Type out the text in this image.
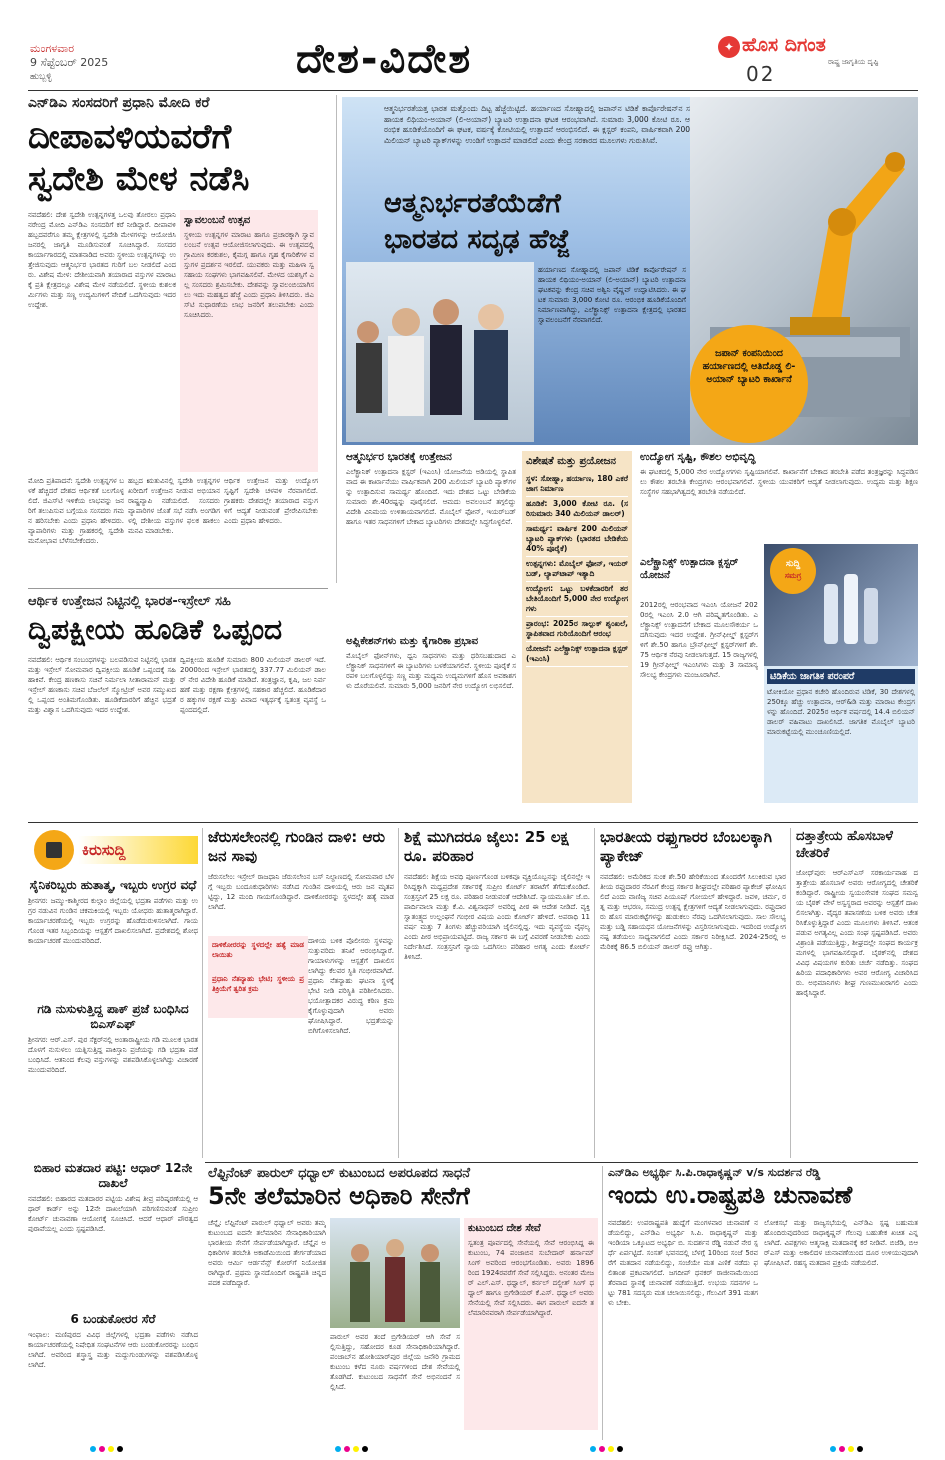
ಮಂಗಳವಾರ
9 ಸೆಪ್ಟೆಂಬರ್ 2025
ಹುಬ್ಬಳ್ಳಿ	ದೇಶ-ವಿದೇಶ	✦ ಹೊಸ ದಿಗಂತ
02	ರಾಷ್ಟ್ರ ಜಾಗೃತಿಯ ದೃಷ್ಟಿ
ಎನ್‌ಡಿಎ ಸಂಸದರಿಗೆ ಪ್ರಧಾನಿ ಮೋದಿ ಕರೆ
ದೀಪಾವಳಿಯವರೆಗೆ
ಸ್ವದೇಶಿ ಮೇಳ ನಡೆಸಿ
ನವದೆಹಲಿ: ದೇಶ ಸ್ವದೇಶಿ ಉತ್ಪನ್ನಗಳತ್ತ ಒಲವು ತೋರಲು ಪ್ರಧಾನಿ ನರೇಂದ್ರ ಮೋದಿ ಎನ್‌ಡಿಎ ಸಂಸದರಿಗೆ ಕರೆ ನೀಡಿದ್ದಾರೆ. ದೀಪಾವಳಿ ಹಬ್ಬದವರೆಗೂ ತಮ್ಮ ಕ್ಷೇತ್ರಗಳಲ್ಲಿ ಸ್ವದೇಶಿ ಮೇಳಗಳನ್ನು ಆಯೋಜಿಸಿ ಜನರಲ್ಲಿ ಜಾಗೃತಿ ಮೂಡಿಸುವಂತೆ ಸೂಚಿಸಿದ್ದಾರೆ. ಸಂಸದರ ಕಾರ್ಯಾಗಾರದಲ್ಲಿ ಮಾತನಾಡಿದ ಅವರು ಸ್ಥಳೀಯ ಉತ್ಪನ್ನಗಳನ್ನು ಉತ್ತೇಜಿಸುವುದು ಆತ್ಮನಿರ್ಭರ ಭಾರತದ ಗುರಿಗೆ ಬಲ ನೀಡಲಿದೆ ಎಂದರು. ವಿಶೇಷ ಮೇಳ: ದೇಶೀಯವಾಗಿ ತಯಾರಾದ ವಸ್ತುಗಳ ಮಾರಾಟಕ್ಕೆ ಪ್ರತಿ ಕ್ಷೇತ್ರದಲ್ಲೂ ವಿಶೇಷ ಮೇಳ ನಡೆಯಲಿದೆ. ಸ್ಥಳೀಯ ಕುಶಲಕರ್ಮಿಗಳು ಮತ್ತು ಸಣ್ಣ ಉದ್ಯಮಿಗಳಿಗೆ ವೇದಿಕೆ ಒದಗಿಸುವುದು ಇದರ ಉದ್ದೇಶ.
ಸ್ವಾವಲಂಬನೆ ಉತ್ಸವ
ಸ್ಥಳೀಯ ಉತ್ಪನ್ನಗಳ ಮಾರಾಟ ಹಾಗೂ ಪ್ರಚಾರಕ್ಕಾಗಿ ಸ್ವಾವಲಂಬನೆ ಉತ್ಸವ ಆಯೋಜಿಸಲಾಗುವುದು. ಈ ಉತ್ಸವದಲ್ಲಿ ಗ್ರಾಮೀಣ ಕರಕುಶಲ, ಕೈಮಗ್ಗ ಹಾಗೂ ಗೃಹ ಕೈಗಾರಿಕೆಗಳ ವಸ್ತುಗಳ ಪ್ರದರ್ಶನ ಇರಲಿದೆ. ಯುವಕರು ಮತ್ತು ಮಹಿಳಾ ಸ್ವಸಹಾಯ ಸಂಘಗಳು ಭಾಗವಹಿಸಲಿವೆ. ಮೇಳದ ಯಶಸ್ಸಿಗೆ ಎಲ್ಲ ಸಂಸದರು ಶ್ರಮಿಸಬೇಕು. ದೇಶವನ್ನು ಸ್ವಾವಲಂಬಿಯಾಗಿಸಲು ಇದು ಮಹತ್ವದ ಹೆಜ್ಜೆ ಎಂದು ಪ್ರಧಾನಿ ತಿಳಿಸಿದರು. ಜಿಎಸ್‌ಟಿ ಸುಧಾರಣೆಯ ಲಾಭ ಜನರಿಗೆ ತಲುಪಬೇಕು ಎಂದು ಸೂಚಿಸಿದರು.
ಮೋದಿ ಪ್ರತಿಪಾದನೆ: ಸ್ವದೇಶಿ ಉತ್ಪನ್ನಗಳ ಬಳಕೆ ಹೆಚ್ಚಿದರೆ ದೇಶದ ಆರ್ಥಿಕತೆ ಬಲಗೊಳ್ಳಲಿದೆ. ಜಿಎಸ್‌ಟಿ ಇಳಿಕೆಯ ಲಾಭವನ್ನು ಜನರಿಗೆ ತಲುಪಿಸುವ ಬಗ್ಗೆಯೂ ಸಂಸದರು ಗಮನ ಹರಿಸಬೇಕು ಎಂದು ಪ್ರಧಾನಿ ಹೇಳಿದರು. ವ್ಯಾಪಾರಿಗಳು ಮತ್ತು ಗ್ರಾಹಕರಲ್ಲಿ ಸ್ವದೇಶಿ ಮನೋಭಾವ ಬೆಳೆಸಬೇಕೆಂದರು.
ಹಬ್ಬದ ಋತುವಿನಲ್ಲಿ ಸ್ವದೇಶಿ ಉತ್ಪನ್ನಗಳ ಖರೀದಿಗೆ ಉತ್ತೇಜನ ನೀಡುವ ಅಭಿಯಾನ ರಾಷ್ಟ್ರವ್ಯಾಪಿ ನಡೆಯಲಿದೆ. ಸಂಸದರು ವ್ಯಾಪಾರಿಗಳ ಜೊತೆ ಸಭೆ ನಡೆಸಿ ಅಂಗಡಿಗಳಲ್ಲಿ ದೇಶೀಯ ವಸ್ತುಗಳ ಫಲಕ ಹಾಕಲು ಮನವಿ ಮಾಡಬೇಕು.
ಆರ್ಥಿಕ ಉತ್ತೇಜನ ಮತ್ತು ಉದ್ಯೋಗ ಸೃಷ್ಟಿಗೆ ಸ್ವದೇಶಿ ಚಳವಳಿ ನೆರವಾಗಲಿದೆ. ಗ್ರಾಹಕರು ದೇಶದಲ್ಲೇ ತಯಾರಾದ ವಸ್ತುಗಳಿಗೆ ಆದ್ಯತೆ ನೀಡುವಂತೆ ಪ್ರೇರೇಪಿಸಬೇಕು ಎಂದು ಪ್ರಧಾನಿ ಹೇಳಿದರು.
ಆರ್ಥಿಕ ಉತ್ತೇಜನ ನಿಟ್ಟಿನಲ್ಲಿ ಭಾರತ-ಇಸ್ರೇಲ್ ಸಹಿ
ದ್ವಿಪಕ್ಷೀಯ ಹೂಡಿಕೆ ಒಪ್ಪಂದ
ನವದೆಹಲಿ: ಆರ್ಥಿಕ ಸಂಬಂಧಗಳನ್ನು ಬಲಪಡಿಸುವ ನಿಟ್ಟಿನಲ್ಲಿ ಭಾರತ ಮತ್ತು ಇಸ್ರೇಲ್ ಸೋಮವಾರ ದ್ವಿಪಕ್ಷೀಯ ಹೂಡಿಕೆ ಒಪ್ಪಂದಕ್ಕೆ ಸಹಿ ಹಾಕಿವೆ. ಕೇಂದ್ರ ಹಣಕಾಸು ಸಚಿವೆ ನಿರ್ಮಲಾ ಸೀತಾರಾಮನ್ ಮತ್ತು ಇಸ್ರೇಲ್ ಹಣಕಾಸು ಸಚಿವ ಬೆಜಲೆಲ್ ಸ್ಮೋಟ್ರಿಚ್ ಅವರ ಸಮ್ಮುಖದಲ್ಲಿ ಒಪ್ಪಂದ ಅಂತಿಮಗೊಂಡಿತು. ಹೂಡಿಕೆದಾರರಿಗೆ ಹೆಚ್ಚಿನ ಭದ್ರತೆ ಮತ್ತು ವಿಶ್ವಾಸ ಒದಗಿಸುವುದು ಇದರ ಉದ್ದೇಶ.
ದ್ವಿಪಕ್ಷೀಯ ಹೂಡಿಕೆ ಸುಮಾರು 800 ಮಿಲಿಯನ್ ಡಾಲರ್ ಇದೆ. 2000ರಿಂದ ಇಸ್ರೇಲ್ ಭಾರತದಲ್ಲಿ 337.77 ಮಿಲಿಯನ್ ಡಾಲರ್ ನೇರ ವಿದೇಶಿ ಹೂಡಿಕೆ ಮಾಡಿದೆ. ತಂತ್ರಜ್ಞಾನ, ಕೃಷಿ, ಜಲ ನಿರ್ವಹಣೆ ಮತ್ತು ರಕ್ಷಣಾ ಕ್ಷೇತ್ರಗಳಲ್ಲಿ ಸಹಕಾರ ಹೆಚ್ಚಲಿದೆ. ಹೂಡಿಕೆದಾರರ ಹಕ್ಕುಗಳ ರಕ್ಷಣೆ ಮತ್ತು ವಿವಾದ ಇತ್ಯರ್ಥಕ್ಕೆ ಸ್ವತಂತ್ರ ವ್ಯವಸ್ಥೆ ಒಪ್ಪಂದದಲ್ಲಿದೆ.
ಆತ್ಮನಿರ್ಭರತೆಯತ್ತ ಭಾರತ ಮತ್ತೊಂದು ದಿಟ್ಟ ಹೆಜ್ಜೆಯಿಟ್ಟಿದೆ. ಹರ್ಯಾಣದ ಸೋಹ್ನಾದಲ್ಲಿ ಜಪಾನ್‌ನ ಟಿಡಿಕೆ ಕಾರ್ಪೊರೇಷನ್‌ನ ಸಹಾಯಕ ಲಿಥಿಯಂ-ಅಯಾನ್ (ಲಿ-ಅಯಾನ್) ಬ್ಯಾಟರಿ ಉತ್ಪಾದನಾ ಘಟಕ ಆರಂಭವಾಗಿದೆ. ಸುಮಾರು 3,000 ಕೋಟಿ ರೂ. ಆರಂಭಿಕ ಹೂಡಿಕೆಯೊಂದಿಗೆ ಈ ಘಟಕ, ವರ್ಷಕ್ಕೆ ಕೋಟಿಯಲ್ಲಿ ಉತ್ಪಾದನೆ ಆರಂಭಿಸಲಿದೆ. ಈ ಕ್ಲಸ್ಟರ್ ಕಂಪನಿ, ವಾರ್ಷಿಕವಾಗಿ 200 ಮಿಲಿಯನ್ ಬ್ಯಾಟರಿ ಪ್ಯಾಕ್‌ಗಳನ್ನು ಉಂಡಿಗೆ ಉತ್ಪಾದನೆ ಮಾಡಲಿದೆ ಎಂದು ಕೇಂದ್ರ ಸರಕಾರದ ಮೂಲಗಳು ಗುರುತಿಸಿವೆ.
ಆತ್ಮನಿರ್ಭರತೆಯೆಡೆಗೆ
ಭಾರತದ ಸದೃಢ ಹೆಜ್ಜೆ
ಹರ್ಯಾಣದ ಸೋಹ್ನಾದಲ್ಲಿ ಜಪಾನ್ ಟಿಡಿಕೆ ಕಾರ್ಪೊರೇಷನ್ ಸಹಾಯಕ ಲಿಥಿಯಂ-ಅಯಾನ್ (ಲಿ-ಅಯಾನ್) ಬ್ಯಾಟರಿ ಉತ್ಪಾದನಾ ಘಟಕವನ್ನು ಕೇಂದ್ರ ಸಚಿವ ಅಶ್ವಿನಿ ವೈಷ್ಣವ್ ಉದ್ಘಾಟಿಸಿದರು. ಈ ಘಟಕ ಸುಮಾರು 3,000 ಕೋಟಿ ರೂ. ಆರಂಭಿಕ ಹೂಡಿಕೆಯೊಂದಿಗೆ ನಿರ್ಮಾಣವಾಗಿದ್ದು, ಎಲೆಕ್ಟ್ರಾನಿಕ್ಸ್ ಉತ್ಪಾದನಾ ಕ್ಷೇತ್ರದಲ್ಲಿ ಭಾರತದ ಸ್ವಾವಲಂಬನೆಗೆ ನೆರವಾಗಲಿದೆ.
ಜಪಾನ್ ಕಂಪನಿಯಿಂದ ಹರ್ಯಾಣದಲ್ಲಿ ಆತಿದೊಡ್ಡ ಲಿ-ಅಯಾನ್ ಬ್ಯಾಟರಿ ಕಾರ್ಖಾನೆ
ಆತ್ಮನಿರ್ಭರ ಭಾರತಕ್ಕೆ ಉತ್ತೇಜನ
ಎಲೆಕ್ಟ್ರಾನಿಕ್ ಉತ್ಪಾದನಾ ಕ್ಲಸ್ಟರ್ (ಇಎಂಸಿ) ಯೋಜನೆಯ ಅಡಿಯಲ್ಲಿ ಸ್ಥಾಪಿತವಾದ ಈ ಕಾರ್ಖಾನೆಯು ವಾರ್ಷಿಕವಾಗಿ 200 ಮಿಲಿಯನ್ ಬ್ಯಾಟರಿ ಪ್ಯಾಕ್‌ಗಳನ್ನು ಉತ್ಪಾದಿಸುವ ಸಾಮರ್ಥ್ಯ ಹೊಂದಿದೆ. ಇದು ದೇಶದ ಒಟ್ಟು ಬೇಡಿಕೆಯ ಸುಮಾರು ಶೇ.40ರಷ್ಟನ್ನು ಪೂರೈಸಲಿದೆ. ಆಮದು ಅವಲಂಬನೆ ತಗ್ಗಲಿದ್ದು ವಿದೇಶಿ ವಿನಿಮಯ ಉಳಿತಾಯವಾಗಲಿದೆ. ಮೊಬೈಲ್ ಫೋನ್, ಇಯರ್‌ಬಡ್ ಹಾಗೂ ಇತರ ಸಾಧನಗಳಿಗೆ ಬೇಕಾದ ಬ್ಯಾಟರಿಗಳು ದೇಶದಲ್ಲೇ ಸಿದ್ಧಗೊಳ್ಳಲಿವೆ.
ಅಪ್ಲಿಕೇಶನ್‌ಗಳು ಮತ್ತು ಕೈಗಾರಿಕಾ ಪ್ರಭಾವ
ಮೊಬೈಲ್ ಫೋನ್‌ಗಳು, ಧ್ವನಿ ಸಾಧನಗಳು ಮತ್ತು ಧರಿಸಬಹುದಾದ ಎಲೆಕ್ಟ್ರಾನಿಕ್ ಸಾಧನಗಳಿಗೆ ಈ ಬ್ಯಾಟರಿಗಳು ಬಳಕೆಯಾಗಲಿವೆ. ಸ್ಥಳೀಯ ಪೂರೈಕೆ ಸರಪಳಿ ಬಲಗೊಳ್ಳಲಿದ್ದು ಸಣ್ಣ ಮತ್ತು ಮಧ್ಯಮ ಉದ್ಯಮಗಳಿಗೆ ಹೊಸ ಅವಕಾಶಗಳು ದೊರೆಯಲಿವೆ. ಸುಮಾರು 5,000 ಜನರಿಗೆ ನೇರ ಉದ್ಯೋಗ ಲಭಿಸಲಿದೆ.
ವಿಶೇಷತೆ ಮತ್ತು ಪ್ರಯೋಜನ
ಸ್ಥಳ: ಸೋಹ್ನಾ, ಹರ್ಯಾಣ, 180 ಎಕರೆ ಜಾಗ ನಿರ್ಮಾಣ
ಹೂಡಿಕೆ: 3,000 ಕೋಟಿ ರೂ. (ಸರಿಸುಮಾರು 340 ಮಿಲಿಯನ್ ಡಾಲರ್)
ಸಾಮರ್ಥ್ಯ: ವಾರ್ಷಿಕ 200 ಮಿಲಿಯನ್ ಬ್ಯಾಟರಿ ಪ್ಯಾಕ್‌ಗಳು (ಭಾರತದ ಬೇಡಿಕೆಯ 40% ಪೂರೈಕೆ)
ಉತ್ಪನ್ನಗಳು: ಮೊಬೈಲ್ ಫೋನ್, ಇಯರ್ ಬಡ್, ಲ್ಯಾಪ್‌ಟಾಪ್ ಇತ್ಯಾದಿ
ಉದ್ಯೋಗ: ಒಟ್ಟು ಬಳಕೆದಾರರಿಗೆ ತರಬೇತಿಯೊಂದಿಗೆ 5,000 ನೇರ ಉದ್ಯೋಗಗಳು
ಪ್ರಾರಂಭ: 2025ರ ಸಾಲ್ಪುಕ್ ಶೃಂಖಲೆ, ಸ್ಥಾಪಿತವಾದ ಗುರಿಯೊಂದಿಗೆ ಆರಂಭ
ಯೋಜನೆ: ಎಲೆಕ್ಟ್ರಾನಿಕ್ಸ್ ಉತ್ಪಾದನಾ ಕ್ಲಸ್ಟರ್ (ಇಎಂಸಿ)
ಉದ್ಯೋಗ ಸೃಷ್ಟಿ, ಕೌಶಲ ಅಭಿವೃದ್ಧಿ
ಈ ಘಟಕದಲ್ಲಿ 5,000 ನೇರ ಉದ್ಯೋಗಗಳು ಸೃಷ್ಟಿಯಾಗಲಿವೆ. ಕಾರ್ಖಾನೆಗೆ ಬೇಕಾದ ತರಬೇತಿ ಪಡೆದ ತಂತ್ರಜ್ಞರನ್ನು ಸಿದ್ಧಪಡಿಸಲು ಕೌಶಲ ತರಬೇತಿ ಕೇಂದ್ರಗಳು ಆರಂಭವಾಗಲಿವೆ. ಸ್ಥಳೀಯ ಯುವಕರಿಗೆ ಆದ್ಯತೆ ನೀಡಲಾಗುವುದು. ಉದ್ಯಮ ಮತ್ತು ಶಿಕ್ಷಣ ಸಂಸ್ಥೆಗಳ ಸಹಭಾಗಿತ್ವದಲ್ಲಿ ತರಬೇತಿ ನಡೆಯಲಿದೆ.
ಎಲೆಕ್ಟ್ರಾನಿಕ್ಸ್ ಉತ್ಪಾದನಾ ಕ್ಲಸ್ಟರ್ ಯೋಜನೆ
2012ರಲ್ಲಿ ಆರಂಭವಾದ ಇಎಂಸಿ ಯೋಜನೆ 2020ರಲ್ಲಿ ಇಎಂಸಿ 2.0 ಆಗಿ ಪರಿಷ್ಕೃತಗೊಂಡಿತು. ಎಲೆಕ್ಟ್ರಾನಿಕ್ಸ್ ಉತ್ಪಾದನೆಗೆ ಬೇಕಾದ ಮೂಲಸೌಕರ್ಯ ಒದಗಿಸುವುದು ಇದರ ಉದ್ದೇಶ. ಗ್ರೀನ್‌ಫೀಲ್ಡ್ ಕ್ಲಸ್ಟರ್‌ಗಳಿಗೆ ಶೇ.50 ಹಾಗೂ ಬ್ರೌನ್‌ಫೀಲ್ಡ್ ಕ್ಲಸ್ಟರ್‌ಗಳಿಗೆ ಶೇ.75 ಆರ್ಥಿಕ ನೆರವು ನೀಡಲಾಗುತ್ತದೆ. 15 ರಾಜ್ಯಗಳಲ್ಲಿ 19 ಗ್ರೀನ್‌ಫೀಲ್ಡ್ ಇಎಂಸಿಗಳು ಮತ್ತು 3 ಸಾಮಾನ್ಯ ಸೌಲಭ್ಯ ಕೇಂದ್ರಗಳು ಮಂಜೂರಾಗಿವೆ.
ಸುದ್ದಿ
ಸಮಗ್ರ
ಟಿಡಿಕೆಯ ಜಾಗತಿಕ ಪರಂಪರೆ
ಟೋಕಿಯೋ ಪ್ರಧಾನ ಕಚೇರಿ ಹೊಂದಿರುವ ಟಿಡಿಕೆ, 30 ದೇಶಗಳಲ್ಲಿ 250ಕ್ಕೂ ಹೆಚ್ಚು ಉತ್ಪಾದನಾ, ಆರ್&ಡಿ ಮತ್ತು ಮಾರಾಟ ಕೇಂದ್ರಗಳನ್ನು ಹೊಂದಿದೆ. 2025ರ ಆರ್ಥಿಕ ವರ್ಷದಲ್ಲಿ 14.4 ಬಿಲಿಯನ್ ಡಾಲರ್ ವಹಿವಾಟು ದಾಖಲಿಸಿದೆ. ಜಾಗತಿಕ ಮೊಬೈಲ್ ಬ್ಯಾಟರಿ ಮಾರುಕಟ್ಟೆಯಲ್ಲಿ ಮುಂಚೂಣಿಯಲ್ಲಿದೆ.
ಕಿರುಸುದ್ದಿ
ಸೈನಿಕರಿಬ್ಬರು ಹುತಾತ್ಮ, ಇಬ್ಬರು ಉಗ್ರರ ವಧೆ
ಶ್ರೀನಗರ: ಜಮ್ಮು-ಕಾಶ್ಮೀರದ ಕುಲ್ಗಾಂ ಜಿಲ್ಲೆಯಲ್ಲಿ ಭದ್ರತಾ ಪಡೆಗಳು ಮತ್ತು ಉಗ್ರರ ನಡುವಿನ ಗುಂಡಿನ ಚಕಮಕಿಯಲ್ಲಿ ಇಬ್ಬರು ಯೋಧರು ಹುತಾತ್ಮರಾಗಿದ್ದಾರೆ. ಕಾರ್ಯಾಚರಣೆಯಲ್ಲಿ ಇಬ್ಬರು ಉಗ್ರರನ್ನು ಹೊಡೆದುರುಳಿಸಲಾಗಿದೆ. ಗಾಯಗೊಂಡ ಇತರ ಸಿಬ್ಬಂದಿಯನ್ನು ಆಸ್ಪತ್ರೆಗೆ ದಾಖಲಿಸಲಾಗಿದೆ. ಪ್ರದೇಶದಲ್ಲಿ ಶೋಧ ಕಾರ್ಯಾಚರಣೆ ಮುಂದುವರಿದಿದೆ.
ಗಡಿ ನುಸುಳುತ್ತಿದ್ದ ಪಾಕ್ ಪ್ರಜೆ ಬಂಧಿಸಿದ ಬಿಎಸ್‌ಎಫ್
ಶ್ರೀನಗರ: ಆರ್.ಎಸ್. ಪುರ ಸೆಕ್ಟರ್‌ನಲ್ಲಿ ಅಂತಾರಾಷ್ಟ್ರೀಯ ಗಡಿ ಮೂಲಕ ಭಾರತದೊಳಗೆ ನುಸುಳಲು ಯತ್ನಿಸುತ್ತಿದ್ದ ಪಾಕಿಸ್ತಾನಿ ಪ್ರಜೆಯನ್ನು ಗಡಿ ಭದ್ರತಾ ಪಡೆ ಬಂಧಿಸಿದೆ. ಆತನಿಂದ ಕೆಲವು ವಸ್ತುಗಳನ್ನು ವಶಪಡಿಸಿಕೊಳ್ಳಲಾಗಿದ್ದು ವಿಚಾರಣೆ ಮುಂದುವರಿದಿದೆ.
ಬಿಹಾರ ಮತದಾರ ಪಟ್ಟಿ: ಆಧಾರ್ 12ನೇ ದಾಖಲೆ
ನವದೆಹಲಿ: ಬಿಹಾರದ ಮತದಾರರ ಪಟ್ಟಿಯ ವಿಶೇಷ ತೀವ್ರ ಪರಿಷ್ಕರಣೆಯಲ್ಲಿ ಆಧಾರ್ ಕಾರ್ಡ್ ಅನ್ನು 12ನೇ ದಾಖಲೆಯಾಗಿ ಪರಿಗಣಿಸುವಂತೆ ಸುಪ್ರೀಂ ಕೋರ್ಟ್ ಚುನಾವಣಾ ಆಯೋಗಕ್ಕೆ ಸೂಚಿಸಿದೆ. ಆದರೆ ಆಧಾರ್ ಪೌರತ್ವದ ಪುರಾವೆಯಲ್ಲ ಎಂದು ಸ್ಪಷ್ಟಪಡಿಸಿದೆ.
6 ಬಂಡುಕೋರರ ಸೆರೆ
ಇಂಫಾಲ: ಮಣಿಪುರದ ವಿವಿಧ ಜಿಲ್ಲೆಗಳಲ್ಲಿ ಭದ್ರತಾ ಪಡೆಗಳು ನಡೆಸಿದ ಕಾರ್ಯಾಚರಣೆಯಲ್ಲಿ ನಿಷೇಧಿತ ಸಂಘಟನೆಗಳ ಆರು ಬಂಡುಕೋರರನ್ನು ಬಂಧಿಸಲಾಗಿದೆ. ಅವರಿಂದ ಶಸ್ತ್ರಾಸ್ತ್ರ ಮತ್ತು ಮದ್ದುಗುಂಡುಗಳನ್ನು ವಶಪಡಿಸಿಕೊಳ್ಳಲಾಗಿದೆ.
ಜೆರುಸಲೇಂನಲ್ಲಿ ಗುಂಡಿನ ದಾಳಿ: ಆರು ಜನ ಸಾವು
ಜೆರುಸಲೇಂ: ಇಸ್ರೇಲ್ ರಾಜಧಾನಿ ಜೆರುಸಲೇಂನ ಬಸ್ ನಿಲ್ದಾಣದಲ್ಲಿ ಸೋಮವಾರ ಬೆಳಗ್ಗೆ ಇಬ್ಬರು ಬಂದೂಕುಧಾರಿಗಳು ನಡೆಸಿದ ಗುಂಡಿನ ದಾಳಿಯಲ್ಲಿ ಆರು ಜನ ಮೃತಪಟ್ಟಿದ್ದು, 12 ಮಂದಿ ಗಾಯಗೊಂಡಿದ್ದಾರೆ. ದಾಳಿಕೋರರನ್ನು ಸ್ಥಳದಲ್ಲೇ ಹತ್ಯೆ ಮಾಡಲಾಗಿದೆ.
ದಾಳಿಕೋರರನ್ನು ಸ್ಥಳದಲ್ಲೇ ಹತ್ಯೆ ಮಾಡಲಾಯಿತು
ಪ್ರಧಾನಿ ನೆತನ್ಯಾಹು ಭೇಟಿ; ಸ್ಥಳೀಯ ಪ್ರತಿಕ್ರಿಯೆಗೆ ತ್ವರಿತ ಕ್ರಮ
ದಾಳಿಯ ಬಳಿಕ ಪೊಲೀಸರು ಸ್ಥಳವನ್ನು ಸುತ್ತುವರಿದು ತನಿಖೆ ಆರಂಭಿಸಿದ್ದಾರೆ. ಗಾಯಾಳುಗಳನ್ನು ಆಸ್ಪತ್ರೆಗೆ ದಾಖಲಿಸಲಾಗಿದ್ದು ಕೆಲವರ ಸ್ಥಿತಿ ಗಂಭೀರವಾಗಿದೆ. ಪ್ರಧಾನಿ ನೆತನ್ಯಾಹು ಘಟನಾ ಸ್ಥಳಕ್ಕೆ ಭೇಟಿ ನೀಡಿ ಪರಿಸ್ಥಿತಿ ಪರಿಶೀಲಿಸಿದರು. ಭಯೋತ್ಪಾದಕರ ವಿರುದ್ಧ ಕಠಿಣ ಕ್ರಮ ಕೈಗೊಳ್ಳುವುದಾಗಿ ಅವರು ಘೋಷಿಸಿದ್ದಾರೆ. ಭದ್ರತೆಯನ್ನು ಬಿಗಿಗೊಳಿಸಲಾಗಿದೆ.
ಶಿಕ್ಷೆ ಮುಗಿದರೂ ಜೈಲು: 25 ಲಕ್ಷ ರೂ. ಪರಿಹಾರ
ನವದೆಹಲಿ: ಶಿಕ್ಷೆಯ ಅವಧಿ ಪೂರ್ಣಗೊಂಡ ಬಳಿಕವೂ ವ್ಯಕ್ತಿಯೊಬ್ಬನನ್ನು ಜೈಲಿನಲ್ಲೇ ಇರಿಸಿದ್ದಕ್ಕಾಗಿ ಮಧ್ಯಪ್ರದೇಶ ಸರ್ಕಾರಕ್ಕೆ ಸುಪ್ರೀಂ ಕೋರ್ಟ್ ತರಾಟೆಗೆ ತೆಗೆದುಕೊಂಡಿದೆ. ಸಂತ್ರಸ್ತನಿಗೆ 25 ಲಕ್ಷ ರೂ. ಪರಿಹಾರ ನೀಡುವಂತೆ ಆದೇಶಿಸಿದೆ. ನ್ಯಾಯಮೂರ್ತಿ ಜೆ.ಬಿ. ಪಾರ್ದಿವಾಲಾ ಮತ್ತು ಕೆ.ವಿ. ವಿಶ್ವನಾಥನ್ ಅವರಿದ್ದ ಪೀಠ ಈ ಆದೇಶ ನೀಡಿದೆ. ವ್ಯಕ್ತಿ ಸ್ವಾತಂತ್ರ್ಯದ ಉಲ್ಲಂಘನೆ ಗಂಭೀರ ವಿಷಯ ಎಂದು ಕೋರ್ಟ್ ಹೇಳಿದೆ. ಅಪರಾಧಿ 11 ವರ್ಷ ಮತ್ತು 7 ತಿಂಗಳು ಹೆಚ್ಚುವರಿಯಾಗಿ ಜೈಲಿನಲ್ಲಿದ್ದ. ಇದು ವ್ಯವಸ್ಥೆಯ ವೈಫಲ್ಯ ಎಂದು ಪೀಠ ಅಭಿಪ್ರಾಯಪಟ್ಟಿದೆ. ರಾಜ್ಯ ಸರ್ಕಾರ ಈ ಬಗ್ಗೆ ವಿವರಣೆ ನೀಡಬೇಕು ಎಂದು ನಿರ್ದೇಶಿಸಿದೆ. ಸಂತ್ರಸ್ತನಿಗೆ ನ್ಯಾಯ ಒದಗಿಸಲು ಪರಿಹಾರ ಅಗತ್ಯ ಎಂದು ಕೋರ್ಟ್ ತಿಳಿಸಿದೆ.
ಭಾರತೀಯ ರಫ್ತುಗಾರರ ಬೆಂಬಲಕ್ಕಾಗಿ ಪ್ಯಾಕೇಜ್
ನವದೆಹಲಿ: ಅಮೆರಿಕದ ಸುಂಕ ಶೇ.50 ಹೇರಿಕೆಯಿಂದ ತೊಂದರೆಗೆ ಸಿಲುಕಿರುವ ಭಾರತೀಯ ರಫ್ತುದಾರರ ನೆರವಿಗೆ ಕೇಂದ್ರ ಸರ್ಕಾರ ಶೀಘ್ರದಲ್ಲೇ ಪರಿಹಾರ ಪ್ಯಾಕೇಜ್ ಘೋಷಿಸಲಿದೆ ಎಂದು ವಾಣಿಜ್ಯ ಸಚಿವ ಪಿಯೂಷ್ ಗೋಯಲ್ ಹೇಳಿದ್ದಾರೆ. ಜವಳಿ, ಚರ್ಮ, ರತ್ನ ಮತ್ತು ಆಭರಣ, ಸಮುದ್ರ ಉತ್ಪನ್ನ ಕ್ಷೇತ್ರಗಳಿಗೆ ಆದ್ಯತೆ ನೀಡಲಾಗುವುದು. ರಫ್ತುದಾರರು ಹೊಸ ಮಾರುಕಟ್ಟೆಗಳನ್ನು ಹುಡುಕಲು ನೆರವು ಒದಗಿಸಲಾಗುವುದು. ಸಾಲ ಸೌಲಭ್ಯ ಮತ್ತು ಬಡ್ಡಿ ಸಹಾಯಧನ ಯೋಜನೆಗಳನ್ನು ವಿಸ್ತರಿಸಲಾಗುವುದು. ಇದರಿಂದ ಉದ್ಯೋಗ ನಷ್ಟ ತಡೆಯಲು ಸಾಧ್ಯವಾಗಲಿದೆ ಎಂದು ಸರ್ಕಾರ ನಿರೀಕ್ಷಿಸಿದೆ. 2024-25ರಲ್ಲಿ ಅಮೆರಿಕಕ್ಕೆ 86.5 ಬಿಲಿಯನ್ ಡಾಲರ್ ರಫ್ತು ಆಗಿತ್ತು.
ದತ್ತಾತ್ರೇಯ ಹೊಸಬಾಳೆ ಚೇತರಿಕೆ
ಜೋಧ್‌ಪುರ: ಆರ್‌ಎಸ್‌ಎಸ್ ಸರಕಾರ್ಯವಾಹ ದತ್ತಾತ್ರೇಯ ಹೊಸಬಾಳೆ ಅವರು ಆರೋಗ್ಯದಲ್ಲಿ ಚೇತರಿಕೆ ಕಂಡಿದ್ದಾರೆ. ರಾಷ್ಟ್ರೀಯ ಸ್ವಯಂಸೇವಕ ಸಂಘದ ಸಮನ್ವಯ ಬೈಠಕ್ ವೇಳೆ ಅಸ್ವಸ್ಥರಾದ ಅವರನ್ನು ಆಸ್ಪತ್ರೆಗೆ ದಾಖಲಿಸಲಾಗಿತ್ತು. ವೈದ್ಯರ ತಪಾಸಣೆಯ ಬಳಿಕ ಅವರು ಚೇತರಿಸಿಕೊಳ್ಳುತ್ತಿದ್ದಾರೆ ಎಂದು ಮೂಲಗಳು ತಿಳಿಸಿವೆ. ಆತಂಕ ಪಡುವ ಅಗತ್ಯವಿಲ್ಲ ಎಂದು ಸಂಘ ಸ್ಪಷ್ಟಪಡಿಸಿದೆ. ಅವರು ವಿಶ್ರಾಂತಿ ಪಡೆಯುತ್ತಿದ್ದು, ಶೀಘ್ರದಲ್ಲೇ ಸಂಘದ ಕಾರ್ಯಕ್ರಮಗಳಲ್ಲಿ ಭಾಗವಹಿಸಲಿದ್ದಾರೆ. ಬೈಠಕ್‌ನಲ್ಲಿ ದೇಶದ ವಿವಿಧ ವಿಷಯಗಳ ಕುರಿತು ಚರ್ಚೆ ನಡೆದಿತ್ತು. ಸಂಘದ ಹಿರಿಯ ಪದಾಧಿಕಾರಿಗಳು ಅವರ ಆರೋಗ್ಯ ವಿಚಾರಿಸಿದರು. ಅಭಿಮಾನಿಗಳು ಶೀಘ್ರ ಗುಣಮುಖರಾಗಲಿ ಎಂದು ಹಾರೈಸಿದ್ದಾರೆ.
ಲೆಫ್ಟಿನೆಂಟ್ ಪಾರುಲ್ ಧಧ್ವಾಲ್ ಕುಟುಂಬದ ಅಪರೂಪದ ಸಾಧನೆ
5ನೇ ತಲೆಮಾರಿನ ಅಧಿಕಾರಿ ಸೇನೆಗೆ
ಚೆನ್ನೈ: ಲೆಫ್ಟಿನೆಂಟ್ ಪಾರುಲ್ ಧಧ್ವಾಲ್ ಅವರು ತಮ್ಮ ಕುಟುಂಬದ ಐದನೇ ತಲೆಮಾರಿನ ಸೇನಾಧಿಕಾರಿಯಾಗಿ ಭಾರತೀಯ ಸೇನೆಗೆ ಸೇರ್ಪಡೆಯಾಗಿದ್ದಾರೆ. ಚೆನ್ನೈನ ಅಧಿಕಾರಿಗಳ ತರಬೇತಿ ಅಕಾಡೆಮಿಯಿಂದ ತೇರ್ಗಡೆಯಾದ ಅವರು ಆರ್ಮಿ ಆರ್ಡನೆನ್ಸ್ ಕೋರ್‌ಗೆ ನಿಯೋಜಿತರಾಗಿದ್ದಾರೆ. ಪ್ರಥಮ ಸ್ಥಾನದೊಂದಿಗೆ ರಾಷ್ಟ್ರಪತಿ ಚಿನ್ನದ ಪದಕ ಪಡೆದಿದ್ದಾರೆ.
ಪಾರುಲ್ ಅವರ ತಂದೆ ಬ್ರಿಗೇಡಿಯರ್ ಆಗಿ ಸೇವೆ ಸಲ್ಲಿಸುತ್ತಿದ್ದು, ಸಹೋದರ ಕೂಡ ಸೇನಾಧಿಕಾರಿಯಾಗಿದ್ದಾರೆ. ಪಂಜಾಬ್‌ನ ಹೋಶಿಯಾರ್‌ಪುರ ಜಿಲ್ಲೆಯ ಜನೌರಿ ಗ್ರಾಮದ ಕುಟುಂಬ ಕಳೆದ ನೂರು ವರ್ಷಗಳಿಂದ ದೇಶ ಸೇವೆಯಲ್ಲಿ ತೊಡಗಿದೆ. ಕುಟುಂಬದ ಸಾಧನೆಗೆ ಸೇನೆ ಅಭಿನಂದನೆ ಸಲ್ಲಿಸಿದೆ.
ಕುಟುಂಬದ ದೇಶ ಸೇವೆ
ಸ್ವತಂತ್ರ ಪೂರ್ವದಲ್ಲಿ ಸೇನೆಯಲ್ಲಿ ಸೇವೆ ಆರಂಭಿಸಿದ್ದ ಈ ಕುಟುಂಬ, 74 ಪಂಜಾಬಿನ ಸುಬೇದಾರ್ ಹರ್ನಾಮ್ ಸಿಂಗ್ ಅವರಿಂದ ಆರಂಭಗೊಂಡಿತು. ಅವರು 1896ರಿಂದ 1924ರವರೆಗೆ ಸೇವೆ ಸಲ್ಲಿಸಿದ್ದರು. ಅನಂತರ ಮೇಜರ್ ಎಲ್.ಎಸ್. ಧಧ್ವಾಲ್, ಕರ್ನಲ್ ದಲ್ಜೀತ್ ಸಿಂಗ್ ಧಧ್ವಾಲ್ ಹಾಗೂ ಬ್ರಿಗೇಡಿಯರ್ ಕೆ.ಎಸ್. ಧಧ್ವಾಲ್ ಅವರು ಸೇನೆಯಲ್ಲಿ ಸೇವೆ ಸಲ್ಲಿಸಿದರು. ಈಗ ಪಾರುಲ್ ಐದನೇ ತಲೆಮಾರಿನವರಾಗಿ ಸೇರ್ಪಡೆಯಾಗಿದ್ದಾರೆ.
ಎನ್‌ಡಿಎ ಅಭ್ಯರ್ಥಿ ಸಿ.ಪಿ.ರಾಧಾಕೃಷ್ಣನ್ v/s ಸುದರ್ಶನ ರೆಡ್ಡಿ
ಇಂದು ಉ.ರಾಷ್ಟ್ರಪತಿ ಚುನಾವಣೆ
ನವದೆಹಲಿ: ಉಪರಾಷ್ಟ್ರಪತಿ ಹುದ್ದೆಗೆ ಮಂಗಳವಾರ ಚುನಾವಣೆ ನಡೆಯಲಿದ್ದು, ಎನ್‌ಡಿಎ ಅಭ್ಯರ್ಥಿ ಸಿ.ಪಿ. ರಾಧಾಕೃಷ್ಣನ್ ಮತ್ತು ಇಂಡಿಯಾ ಒಕ್ಕೂಟದ ಅಭ್ಯರ್ಥಿ ಬಿ. ಸುದರ್ಶನ ರೆಡ್ಡಿ ನಡುವೆ ನೇರ ಸ್ಪರ್ಧೆ ಏರ್ಪಟ್ಟಿದೆ. ಸಂಸತ್ ಭವನದಲ್ಲಿ ಬೆಳಗ್ಗೆ 10ರಿಂದ ಸಂಜೆ 5ರವರೆಗೆ ಮತದಾನ ನಡೆಯಲಿದ್ದು, ಸಂಜೆಯೇ ಮತ ಎಣಿಕೆ ನಡೆದು ಫಲಿತಾಂಶ ಪ್ರಕಟವಾಗಲಿದೆ. ಜಗದೀಪ್ ಧನಕರ್ ರಾಜೀನಾಮೆಯಿಂದ ತೆರವಾದ ಸ್ಥಾನಕ್ಕೆ ಚುನಾವಣೆ ನಡೆಯುತ್ತಿದೆ. ಉಭಯ ಸದನಗಳ ಒಟ್ಟು 781 ಸದಸ್ಯರು ಮತ ಚಲಾಯಿಸಲಿದ್ದು, ಗೆಲುವಿಗೆ 391 ಮತಗಳು ಬೇಕು.
ಲೋಕಸಭೆ ಮತ್ತು ರಾಜ್ಯಸಭೆಯಲ್ಲಿ ಎನ್‌ಡಿಎ ಸ್ಪಷ್ಟ ಬಹುಮತ ಹೊಂದಿರುವುದರಿಂದ ರಾಧಾಕೃಷ್ಣನ್ ಗೆಲುವು ಬಹುತೇಕ ಖಚಿತ ಎನ್ನಲಾಗಿದೆ. ವಿಪಕ್ಷಗಳು ಆತ್ಮಸಾಕ್ಷಿ ಮತದಾನಕ್ಕೆ ಕರೆ ನೀಡಿವೆ. ಬಿಜೆಡಿ, ಬಿಆರ್‌ಎಸ್ ಮತ್ತು ಅಕಾಲಿದಳ ಚುನಾವಣೆಯಿಂದ ದೂರ ಉಳಿಯುವುದಾಗಿ ಘೋಷಿಸಿವೆ. ರಹಸ್ಯ ಮತದಾನ ಪ್ರಕ್ರಿಯೆ ನಡೆಯಲಿದೆ.
